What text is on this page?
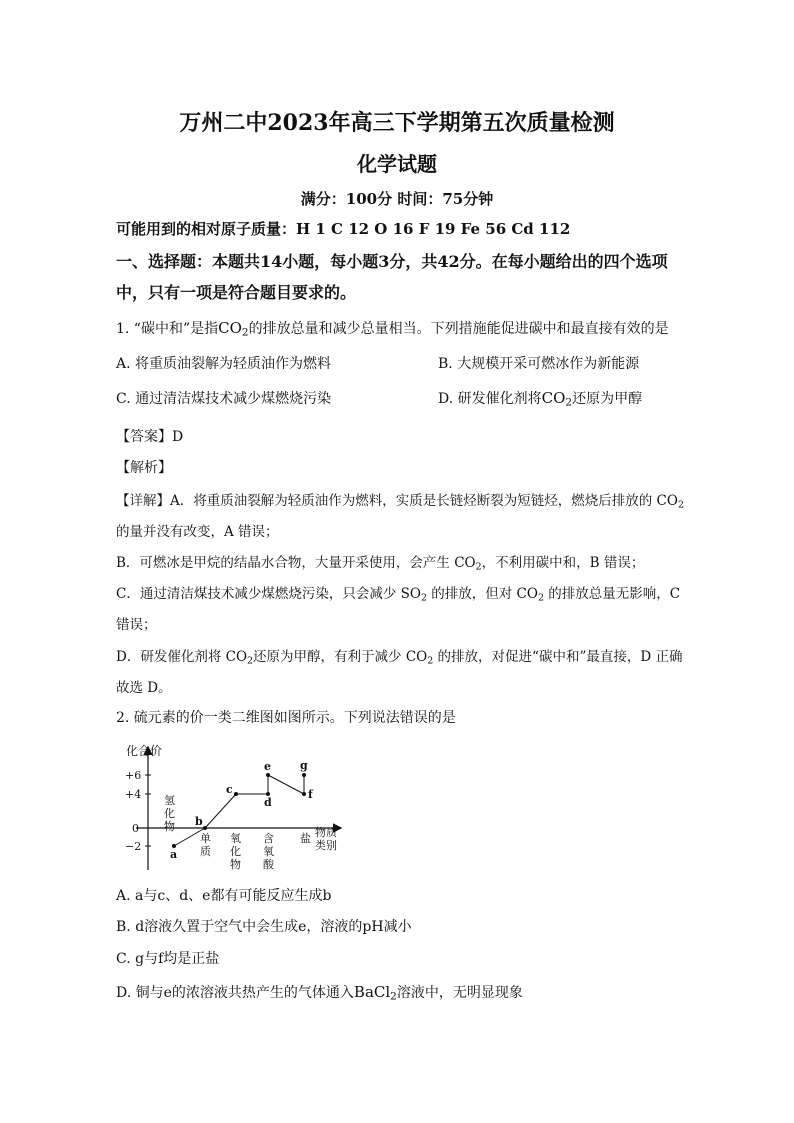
万州二中2023年高三下学期第五次质量检测
化学试题
满分：100分 时间：75分钟
可能用到的相对原子质量：H 1 C 12 O 16 F 19 Fe 56 Cd 112
一、选择题：本题共14小题，每小题3分，共42分。在每小题给出的四个选项
中，只有一项是符合题目要求的。
1. “碳中和”是指$CO_2$的排放总量和减少总量相当。下列措施能促进碳中和最直接有效的是
A. 将重质油裂解为轻质油作为燃料	B. 大规模开采可燃冰作为新能源
C. 通过清洁煤技术减少煤燃烧污染	D. 研发催化剂将$CO_2$还原为甲醇
【答案】D
【解析】
【详解】A．将重质油裂解为轻质油作为燃料，实质是长链烃断裂为短链烃，燃烧后排放的 $CO_2$
的量并没有改变，A 错误；
B．可燃冰是甲烷的结晶水合物，大量开采使用，会产生 $CO_2$，不利用碳中和，B 错误；
C．通过清洁煤技术减少煤燃烧污染，只会减少 $SO_2$ 的排放，但对 $CO_2$ 的排放总量无影响，C
错误；
D．研发催化剂将 $CO_2$还原为甲醇，有利于减少 $CO_2$ 的排放，对促进“碳中和”最直接，D 正确
故选 D。
2. 硫元素的价一类二维图如图所示。下列说法错误的是
化合价
物质
类别
+6
+4
0
−2
氢
化
物
单
质
氧
化
物
含
氧
酸
盐
a
b
c
d
e
f
g
A. a与c、d、e都有可能反应生成b
B. d溶液久置于空气中会生成e，溶液的pH减小
C. g与f均是正盐
D. 铜与e的浓溶液共热产生的气体通入BaCl$_2$溶液中，无明显现象
